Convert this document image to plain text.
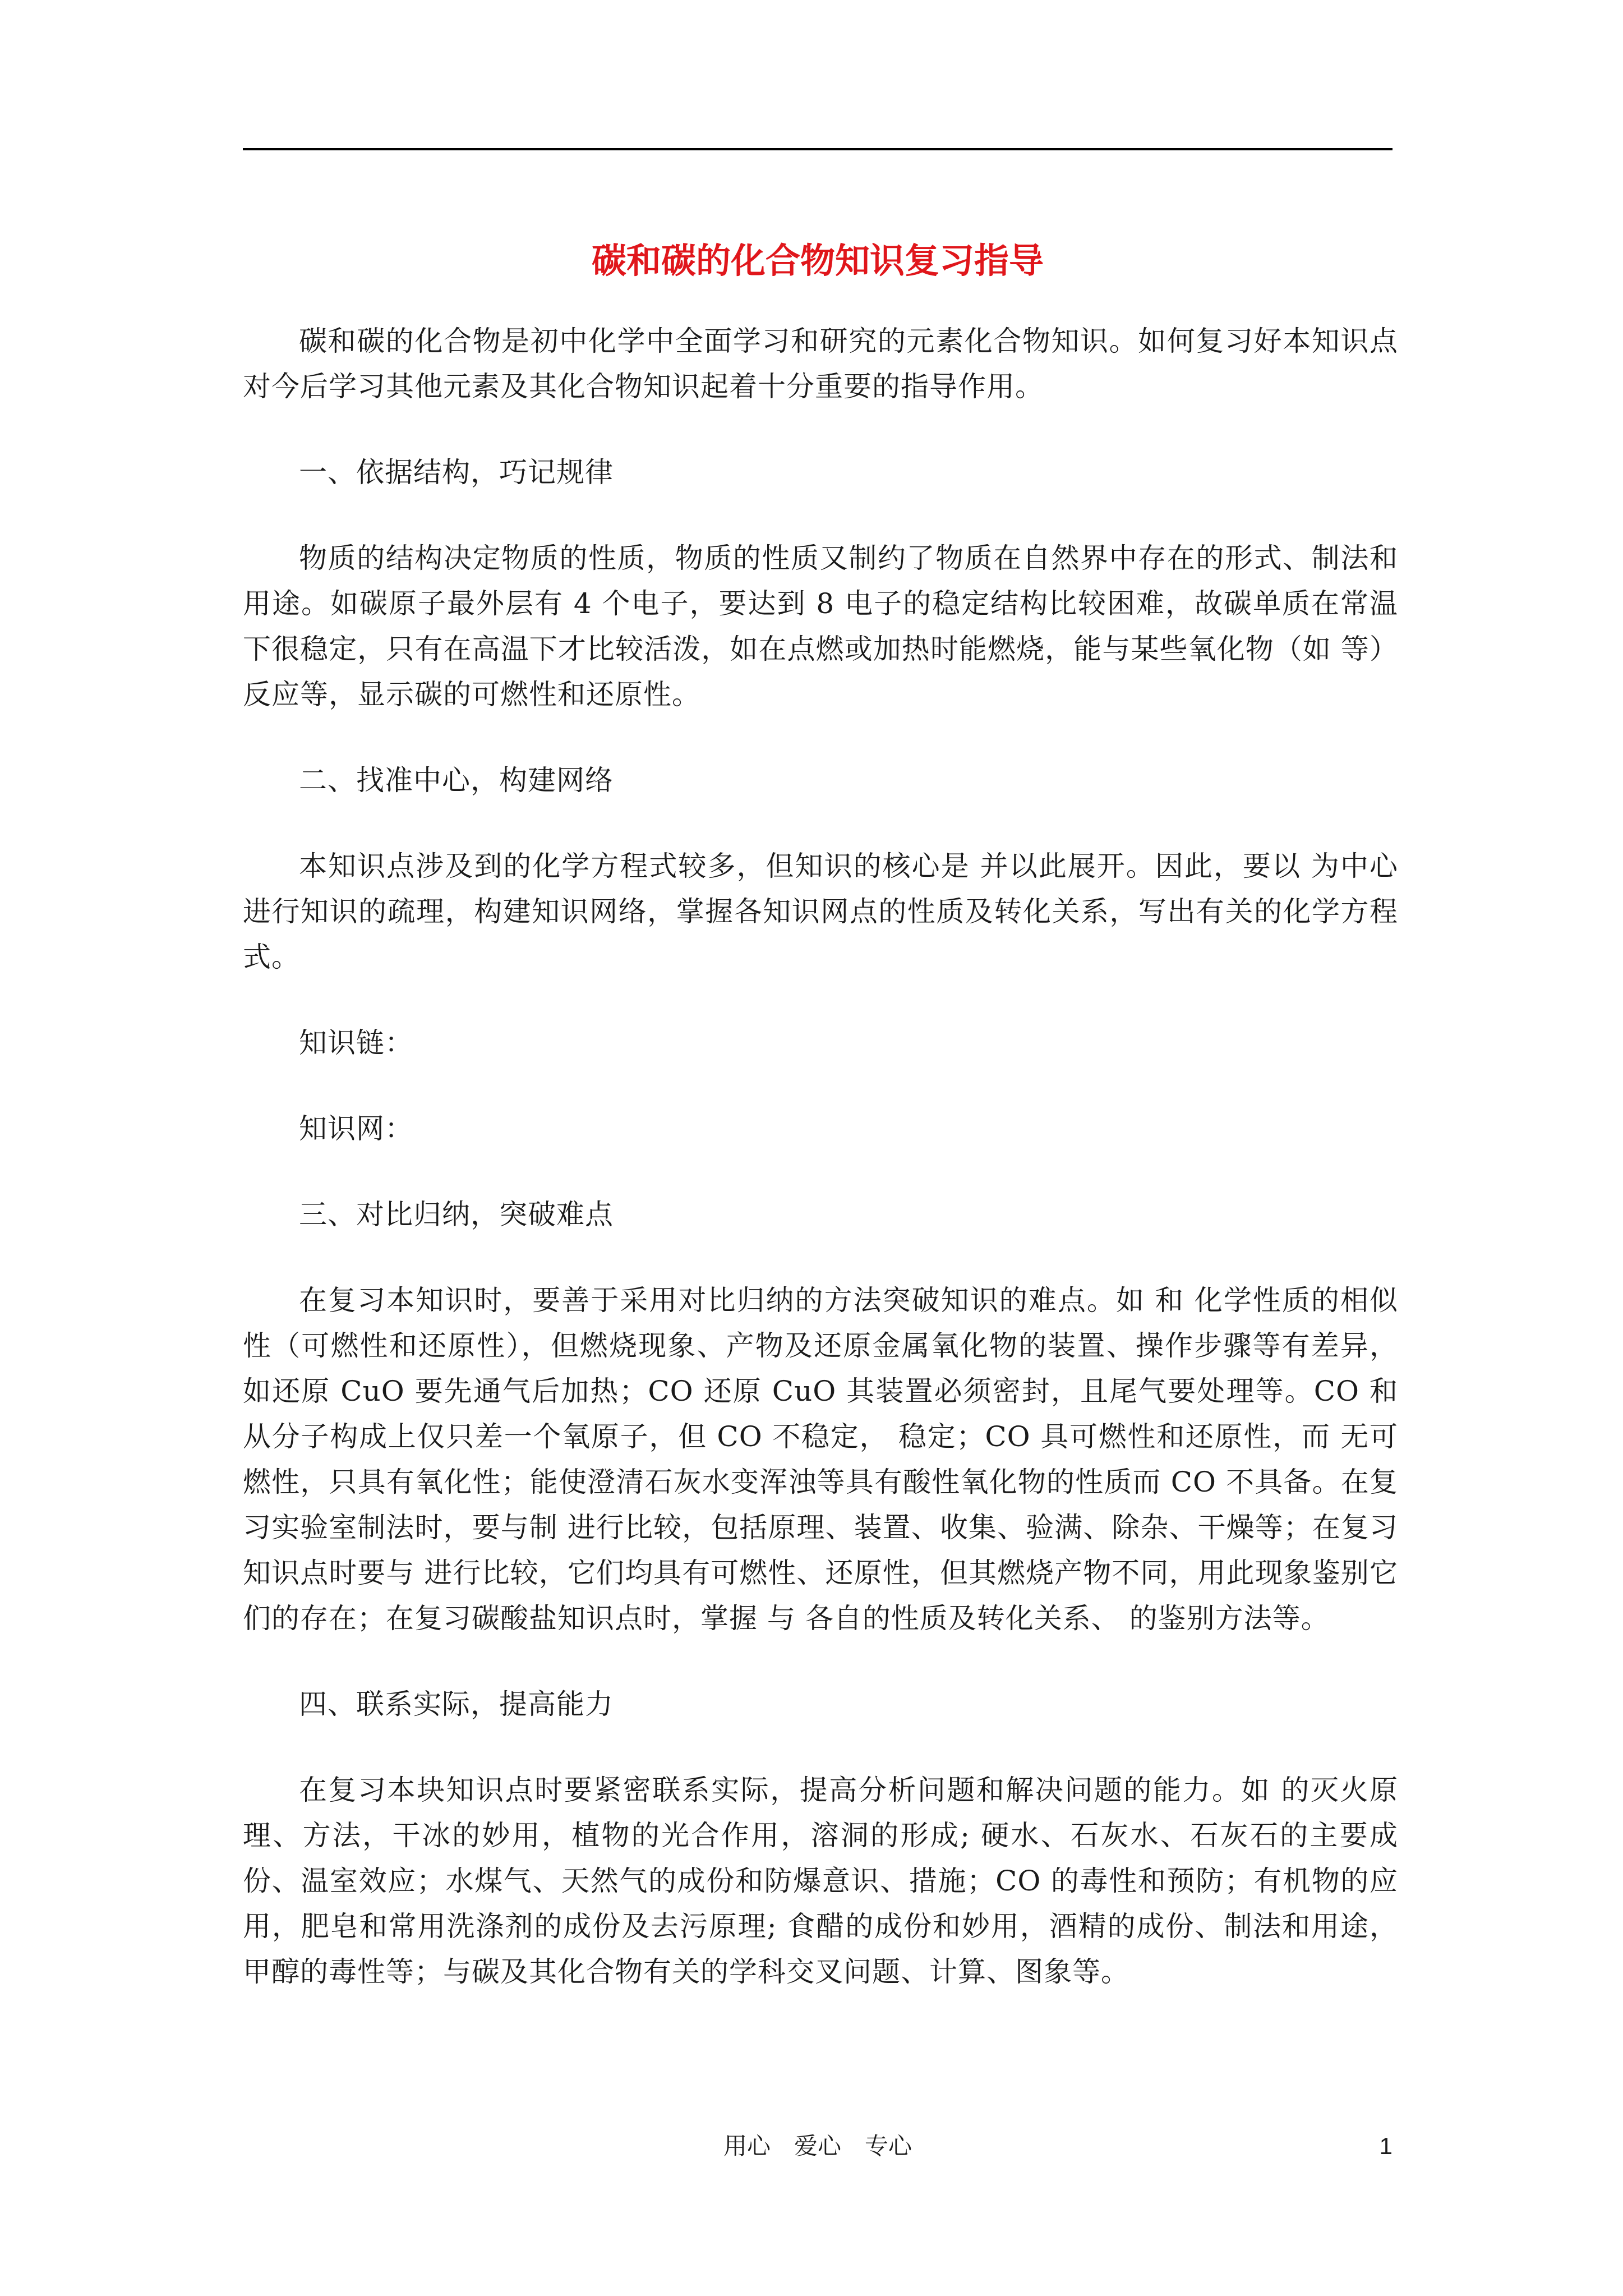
碳和碳的化合物知识复习指导

碳和碳的化合物是初中化学中全面学习和研究的元素化合物知识。如何复习好本知识点对今后学习其他元素及其化合物知识起着十分重要的指导作用。

一、依据结构，巧记规律

物质的结构决定物质的性质，物质的性质又制约了物质在自然界中存在的形式、制法和用途。如碳原子最外层有 4 个电子，要达到 8 电子的稳定结构比较困难，故碳单质在常温下很稳定，只有在高温下才比较活泼，如在点燃或加热时能燃烧，能与某些氧化物（如 等）反应等，显示碳的可燃性和还原性。

二、找准中心，构建网络

本知识点涉及到的化学方程式较多，但知识的核心是 并以此展开。因此，要以 为中心进行知识的疏理，构建知识网络，掌握各知识网点的性质及转化关系，写出有关的化学方程式。

知识链：

知识网：

三、对比归纳，突破难点

在复习本知识时，要善于采用对比归纳的方法突破知识的难点。如 和 化学性质的相似性（可燃性和还原性），但燃烧现象、产物及还原金属氧化物的装置、操作步骤等有差异，如还原 CuO 要先通气后加热；CO 还原 CuO 其装置必须密封，且尾气要处理等。CO 和从分子构成上仅只差一个氧原子，但 CO 不稳定， 稳定；CO 具可燃性和还原性，而 无可燃性，只具有氧化性；能使澄清石灰水变浑浊等具有酸性氧化物的性质而 CO 不具备。在复习实验室制法时，要与制 进行比较，包括原理、装置、收集、验满、除杂、干燥等；在复习 知识点时要与 进行比较，它们均具有可燃性、还原性，但其燃烧产物不同，用此现象鉴别它们的存在；在复习碳酸盐知识点时，掌握 与 各自的性质及转化关系、 的鉴别方法等。

四、联系实际，提高能力

在复习本块知识点时要紧密联系实际，提高分析问题和解决问题的能力。如 的灭火原理、方法，干冰的妙用，植物的光合作用，溶洞的形成; 硬水、石灰水、石灰石的主要成份、温室效应；水煤气、天然气的成份和防爆意识、措施；CO 的毒性和预防；有机物的应用，肥皂和常用洗涤剂的成份及去污原理; 食醋的成份和妙用，酒精的成份、制法和用途，甲醇的毒性等；与碳及其化合物有关的学科交叉问题、计算、图象等。

用心　爱心　专心	1
